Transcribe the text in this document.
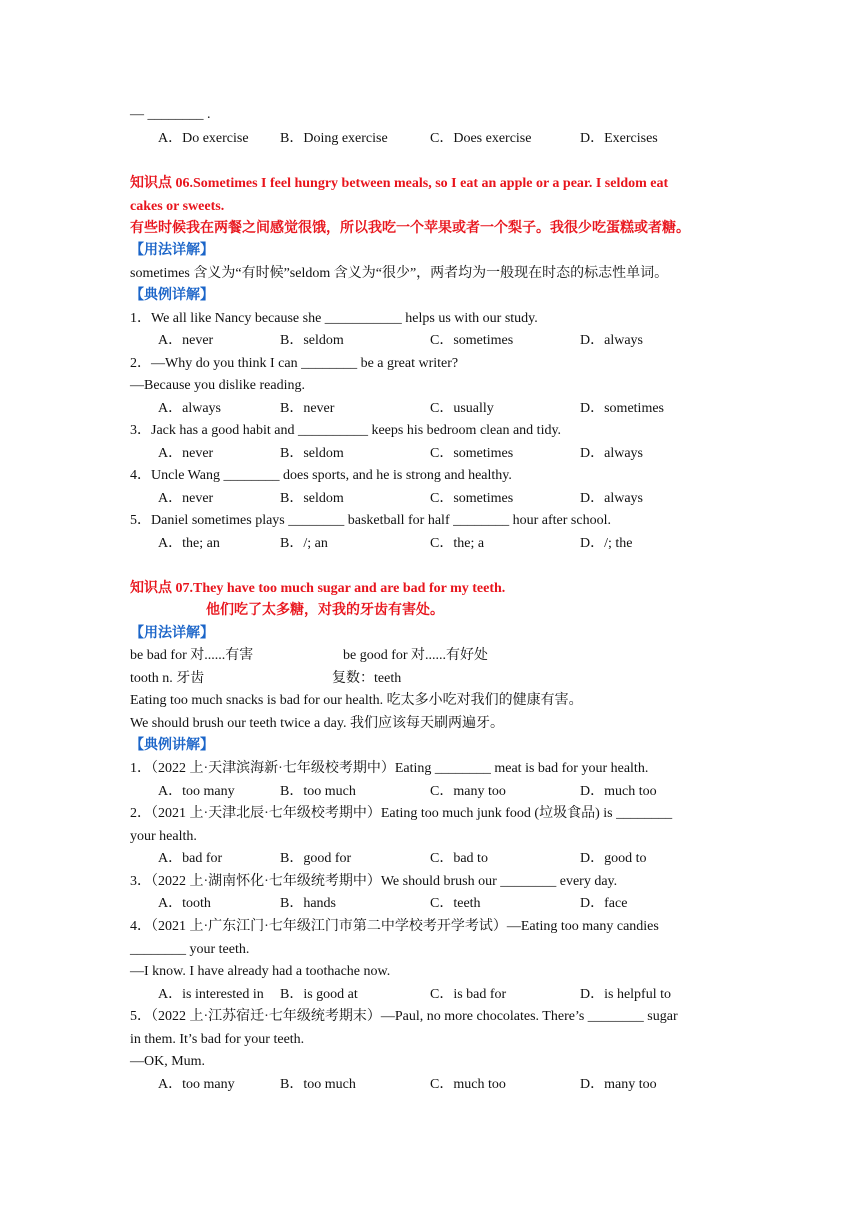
— ________ .
A．Do exercise B．Doing exercise	C．Does exercise	D．Exercises
知识点 06.Sometimes I feel hungry between meals, so I eat an apple or a pear. I seldom eat
cakes or sweets.
有些时候我在两餐之间感觉很饿，所以我吃一个苹果或者一个梨子。我很少吃蛋糕或者糖。
【用法详解】
sometimes 含义为“有时候”seldom 含义为“很少”，两者均为一般现在时态的标志性单词。
【典例详解】
1．We all like Nancy because she ___________ helps us with our study.
A．never	B．seldom	C．sometimes	D．always
2．—Why do you think I can ________ be a great writer?
—Because you dislike reading.
A．always	B．never	C．usually	D．sometimes
3．Jack has a good habit and __________ keeps his bedroom clean and tidy.
A．never	B．seldom	C．sometimes	D．always
4．Uncle Wang ________ does sports, and he is strong and healthy.
A．never	B．seldom	C．sometimes	D．always
5．Daniel sometimes plays ________ basketball for half ________ hour after school.
A．the; an	B．/; an	C．the; a	D．/; the
知识点 07.They have too much sugar and are bad for my teeth.
他们吃了太多糖，对我的牙齿有害处。
【用法详解】
be bad for 对......有害	be good for 对......有好处
tooth n. 牙齿	复数：teeth
Eating too much snacks is bad for our health. 吃太多小吃对我们的健康有害。
We should brush our teeth twice a day. 我们应该每天刷两遍牙。
【典例讲解】
1．（2022 上·天津滨海新·七年级校考期中）Eating ________ meat is bad for your health.
A．too many	B．too much	C．many too	D．much too
2．（2021 上·天津北辰·七年级校考期中）Eating too much junk food (垃圾食品) is ________
your health.
A．bad for	B．good for	C．bad to	D．good to
3．（2022 上·湖南怀化·七年级统考期中）We should brush our ________ every day.
A．tooth	B．hands	C．teeth	D．face
4．（2021 上·广东江门·七年级江门市第二中学校考开学考试）—Eating too many candies
________ your teeth.
—I know. I have already had a toothache now.
A．is interested in B．is good at	C．is bad for	D．is helpful to
5．（2022 上·江苏宿迁·七年级统考期末）—Paul, no more chocolates. There’s ________ sugar
in them. It’s bad for your teeth.
—OK, Mum.
A．too many	B．too much	C．much too	D．many too
